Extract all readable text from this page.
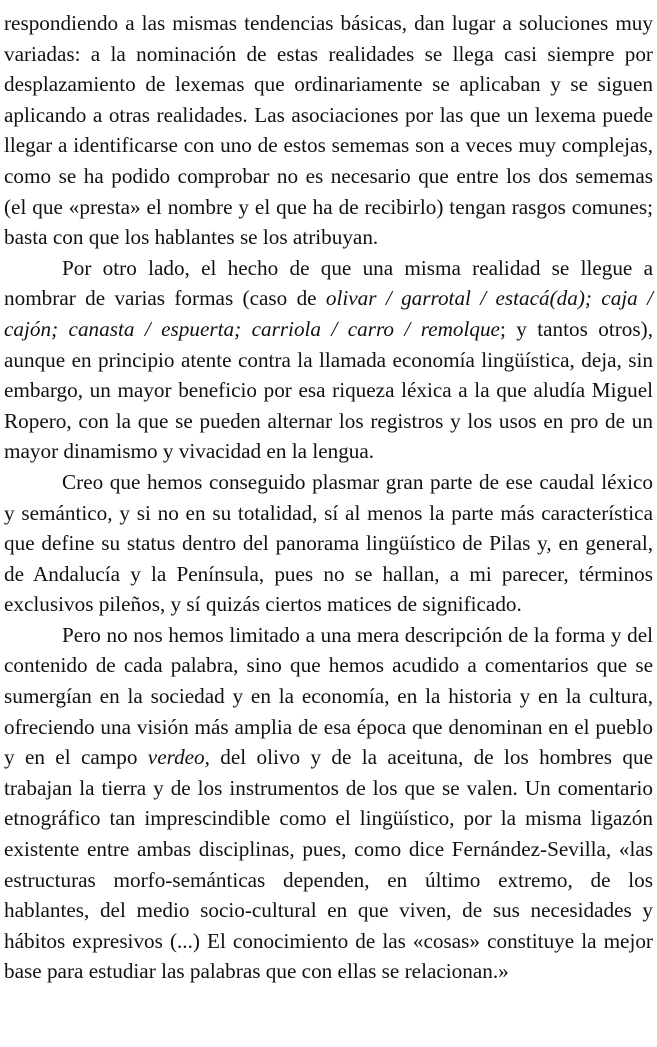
respondiendo a las mismas tendencias básicas, dan lugar a soluciones muy variadas: a la nominación de estas realidades se llega casi siempre por desplazamiento de lexemas que ordinariamente se aplicaban y se siguen aplicando a otras realidades. Las asociaciones por las que un lexema puede llegar a identificarse con uno de estos sememas son a veces muy complejas, como se ha podido comprobar no es necesario que entre los dos sememas (el que «presta» el nombre y el que ha de recibirlo) tengan rasgos comunes; basta con que los hablantes se los atribuyan.

Por otro lado, el hecho de que una misma realidad se llegue a nombrar de varias formas (caso de olivar / garrotal / estacá(da); caja / cajón; canasta / espuerta; carriola / carro / remolque; y tantos otros), aunque en principio atente contra la llamada economía lingüística, deja, sin embargo, un mayor beneficio por esa riqueza léxica a la que aludía Miguel Ropero, con la que se pueden alternar los registros y los usos en pro de un mayor dinamismo y vivacidad en la lengua.

Creo que hemos conseguido plasmar gran parte de ese caudal léxico y semántico, y si no en su totalidad, sí al menos la parte más característica que define su status dentro del panorama lingüístico de Pilas y, en general, de Andalucía y la Península, pues no se hallan, a mi parecer, términos exclusivos pileños, y sí quizás ciertos matices de significado.

Pero no nos hemos limitado a una mera descripción de la forma y del contenido de cada palabra, sino que hemos acudido a comentarios que se sumergían en la sociedad y en la economía, en la historia y en la cultura, ofreciendo una visión más amplia de esa época que denominan en el pueblo y en el campo verdeo, del olivo y de la aceituna, de los hombres que trabajan la tierra y de los instrumentos de los que se valen. Un comentario etnográfico tan imprescindible como el lingüístico, por la misma ligazón existente entre ambas disciplinas, pues, como dice Fernández-Sevilla, «las estructuras morfo-semánticas dependen, en último extremo, de los hablantes, del medio socio-cultural en que viven, de sus necesidades y hábitos expresivos (...) El conocimiento de las «cosas» constituye la mejor base para estudiar las palabras que con ellas se relacionan.»
